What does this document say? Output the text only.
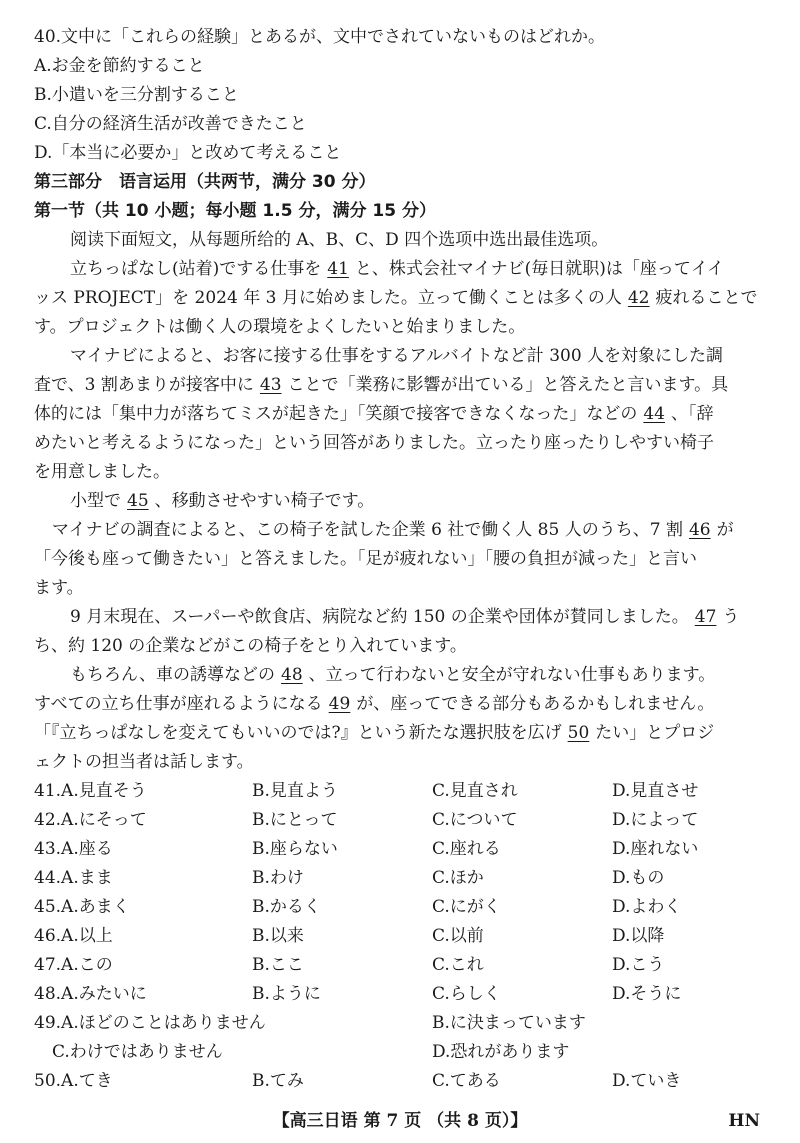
40.文中に「これらの経験」とあるが、文中でされていないものはどれか。
A.お金を節約すること
B.小遣いを三分割すること
C.自分の経済生活が改善できたこと
D.「本当に必要か」と改めて考えること
第三部分　语言运用（共两节，满分 30 分）
第一节（共 10 小题；每小题 1.5 分，满分 15 分）
阅读下面短文，从每题所给的 A、B、C、D 四个选项中选出最佳选项。
立ちっぱなし(站着)でする仕事を 41 と、株式会社マイナビ(毎日就职)は「座ってイイ
ッス PROJECT」を 2024 年 3 月に始めました。立って働くことは多くの人 42 疲れることで
す。プロジェクトは働く人の環境をよくしたいと始まりました。
マイナビによると、お客に接する仕事をするアルバイトなど計 300 人を対象にした調
査で、3 割あまりが接客中に 43 ことで「業務に影響が出ている」と答えたと言います。具
体的には「集中力が落ちてミスが起きた」「笑顔で接客できなくなった」などの 44 、「辞
めたいと考えるようになった」という回答がありました。立ったり座ったりしやすい椅子
を用意しました。
小型で 45 、移動させやすい椅子です。
マイナビの調査によると、この椅子を試した企業 6 社で働く人 85 人のうち、7 割 46 が
「今後も座って働きたい」と答えました。「足が疲れない」「腰の負担が減った」と言い
ます。
9 月末現在、スーパーや飲食店、病院など約 150 の企業や団体が賛同しました。 47 う
ち、約 120 の企業などがこの椅子をとり入れています。
もちろん、車の誘導などの 48 、立って行わないと安全が守れない仕事もあります。
すべての立ち仕事が座れるようになる 49 が、座ってできる部分もあるかもしれません。
「『立ちっぱなしを変えてもいいのでは?』という新たな選択肢を広げ 50 たい」とプロジ
ェクトの担当者は話します。
41.A.見直そう	B.見直よう	C.見直され	D.見直させ
42.A.にそって	B.にとって	C.について	D.によって
43.A.座る	B.座らない	C.座れる	D.座れない
44.A.まま	B.わけ	C.ほか	D.もの
45.A.あまく	B.かるく	C.にがく	D.よわく
46.A.以上	B.以来	C.以前	D.以降
47.A.この	B.ここ	C.これ	D.こう
48.A.みたいに	B.ように	C.らしく	D.そうに
49.A.ほどのことはありません	B.に決まっています
C.わけではありません	D.恐れがあります
50.A.てき	B.てみ	C.てある	D.ていき
【高三日语 第 7 页 （共 8 页）】	HN
